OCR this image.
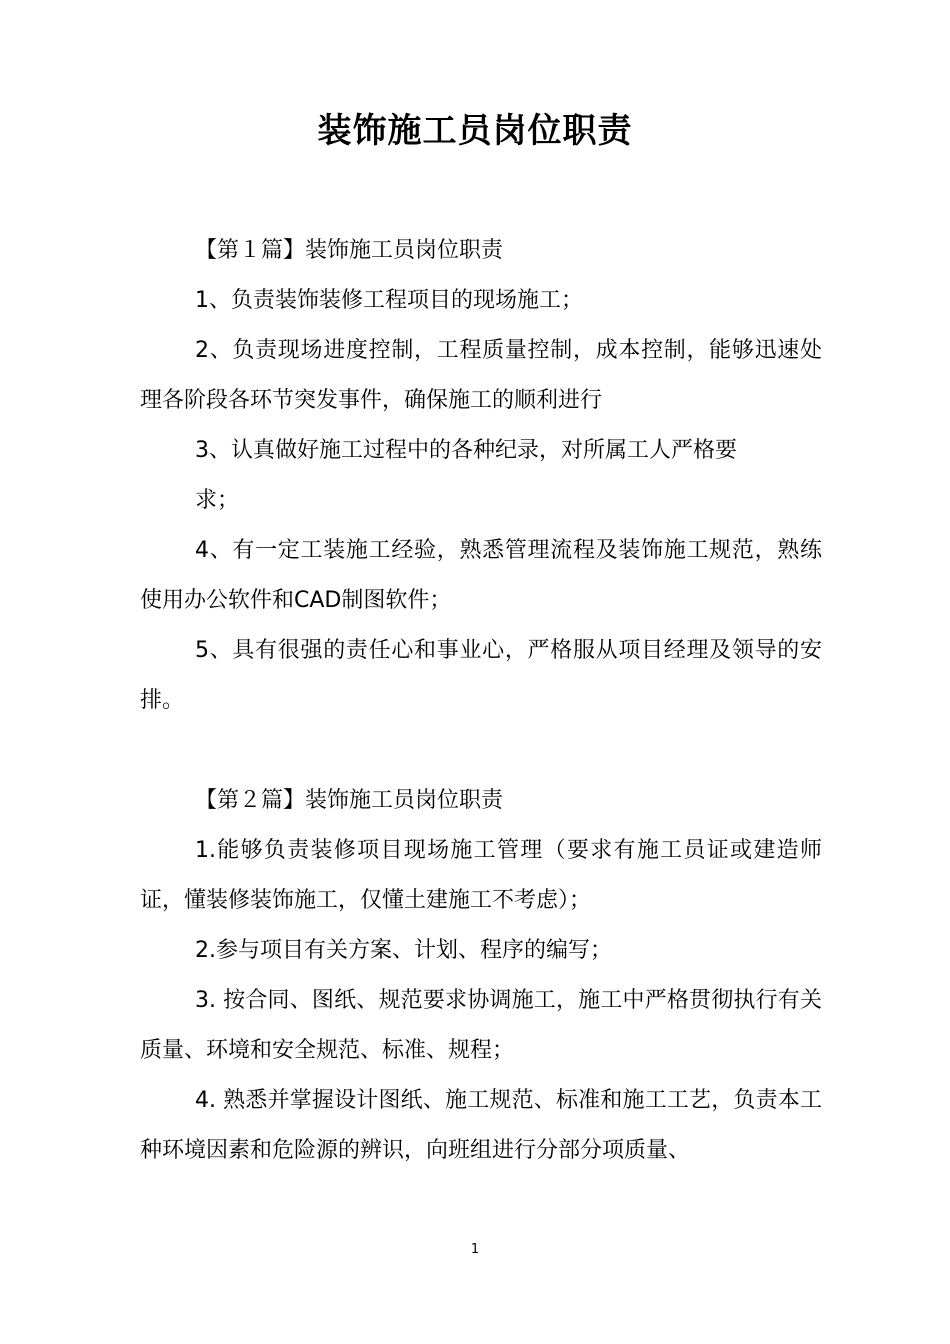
装饰施工员岗位职责

【第１篇】装饰施工员岗位职责

1、负责装饰装修工程项目的现场施工；

2、负责现场进度控制，工程质量控制，成本控制，能够迅速处理各阶段各环节突发事件，确保施工的顺利进行

3、认真做好施工过程中的各种纪录，对所属工人严格要

求；

4、有一定工装施工经验，熟悉管理流程及装饰施工规范，熟练使用办公软件和CAD制图软件；

5、具有很强的责任心和事业心，严格服从项目经理及领导的安排。

【第２篇】装饰施工员岗位职责

1.能够负责装修项目现场施工管理（要求有施工员证或建造师证，懂装修装饰施工，仅懂土建施工不考虑）；

2.参与项目有关方案、计划、程序的编写；

3. 按合同、图纸、规范要求协调施工，施工中严格贯彻执行有关质量、环境和安全规范、标准、规程；

4. 熟悉并掌握设计图纸、施工规范、标准和施工工艺，负责本工种环境因素和危险源的辨识，向班组进行分部分项质量、

1
